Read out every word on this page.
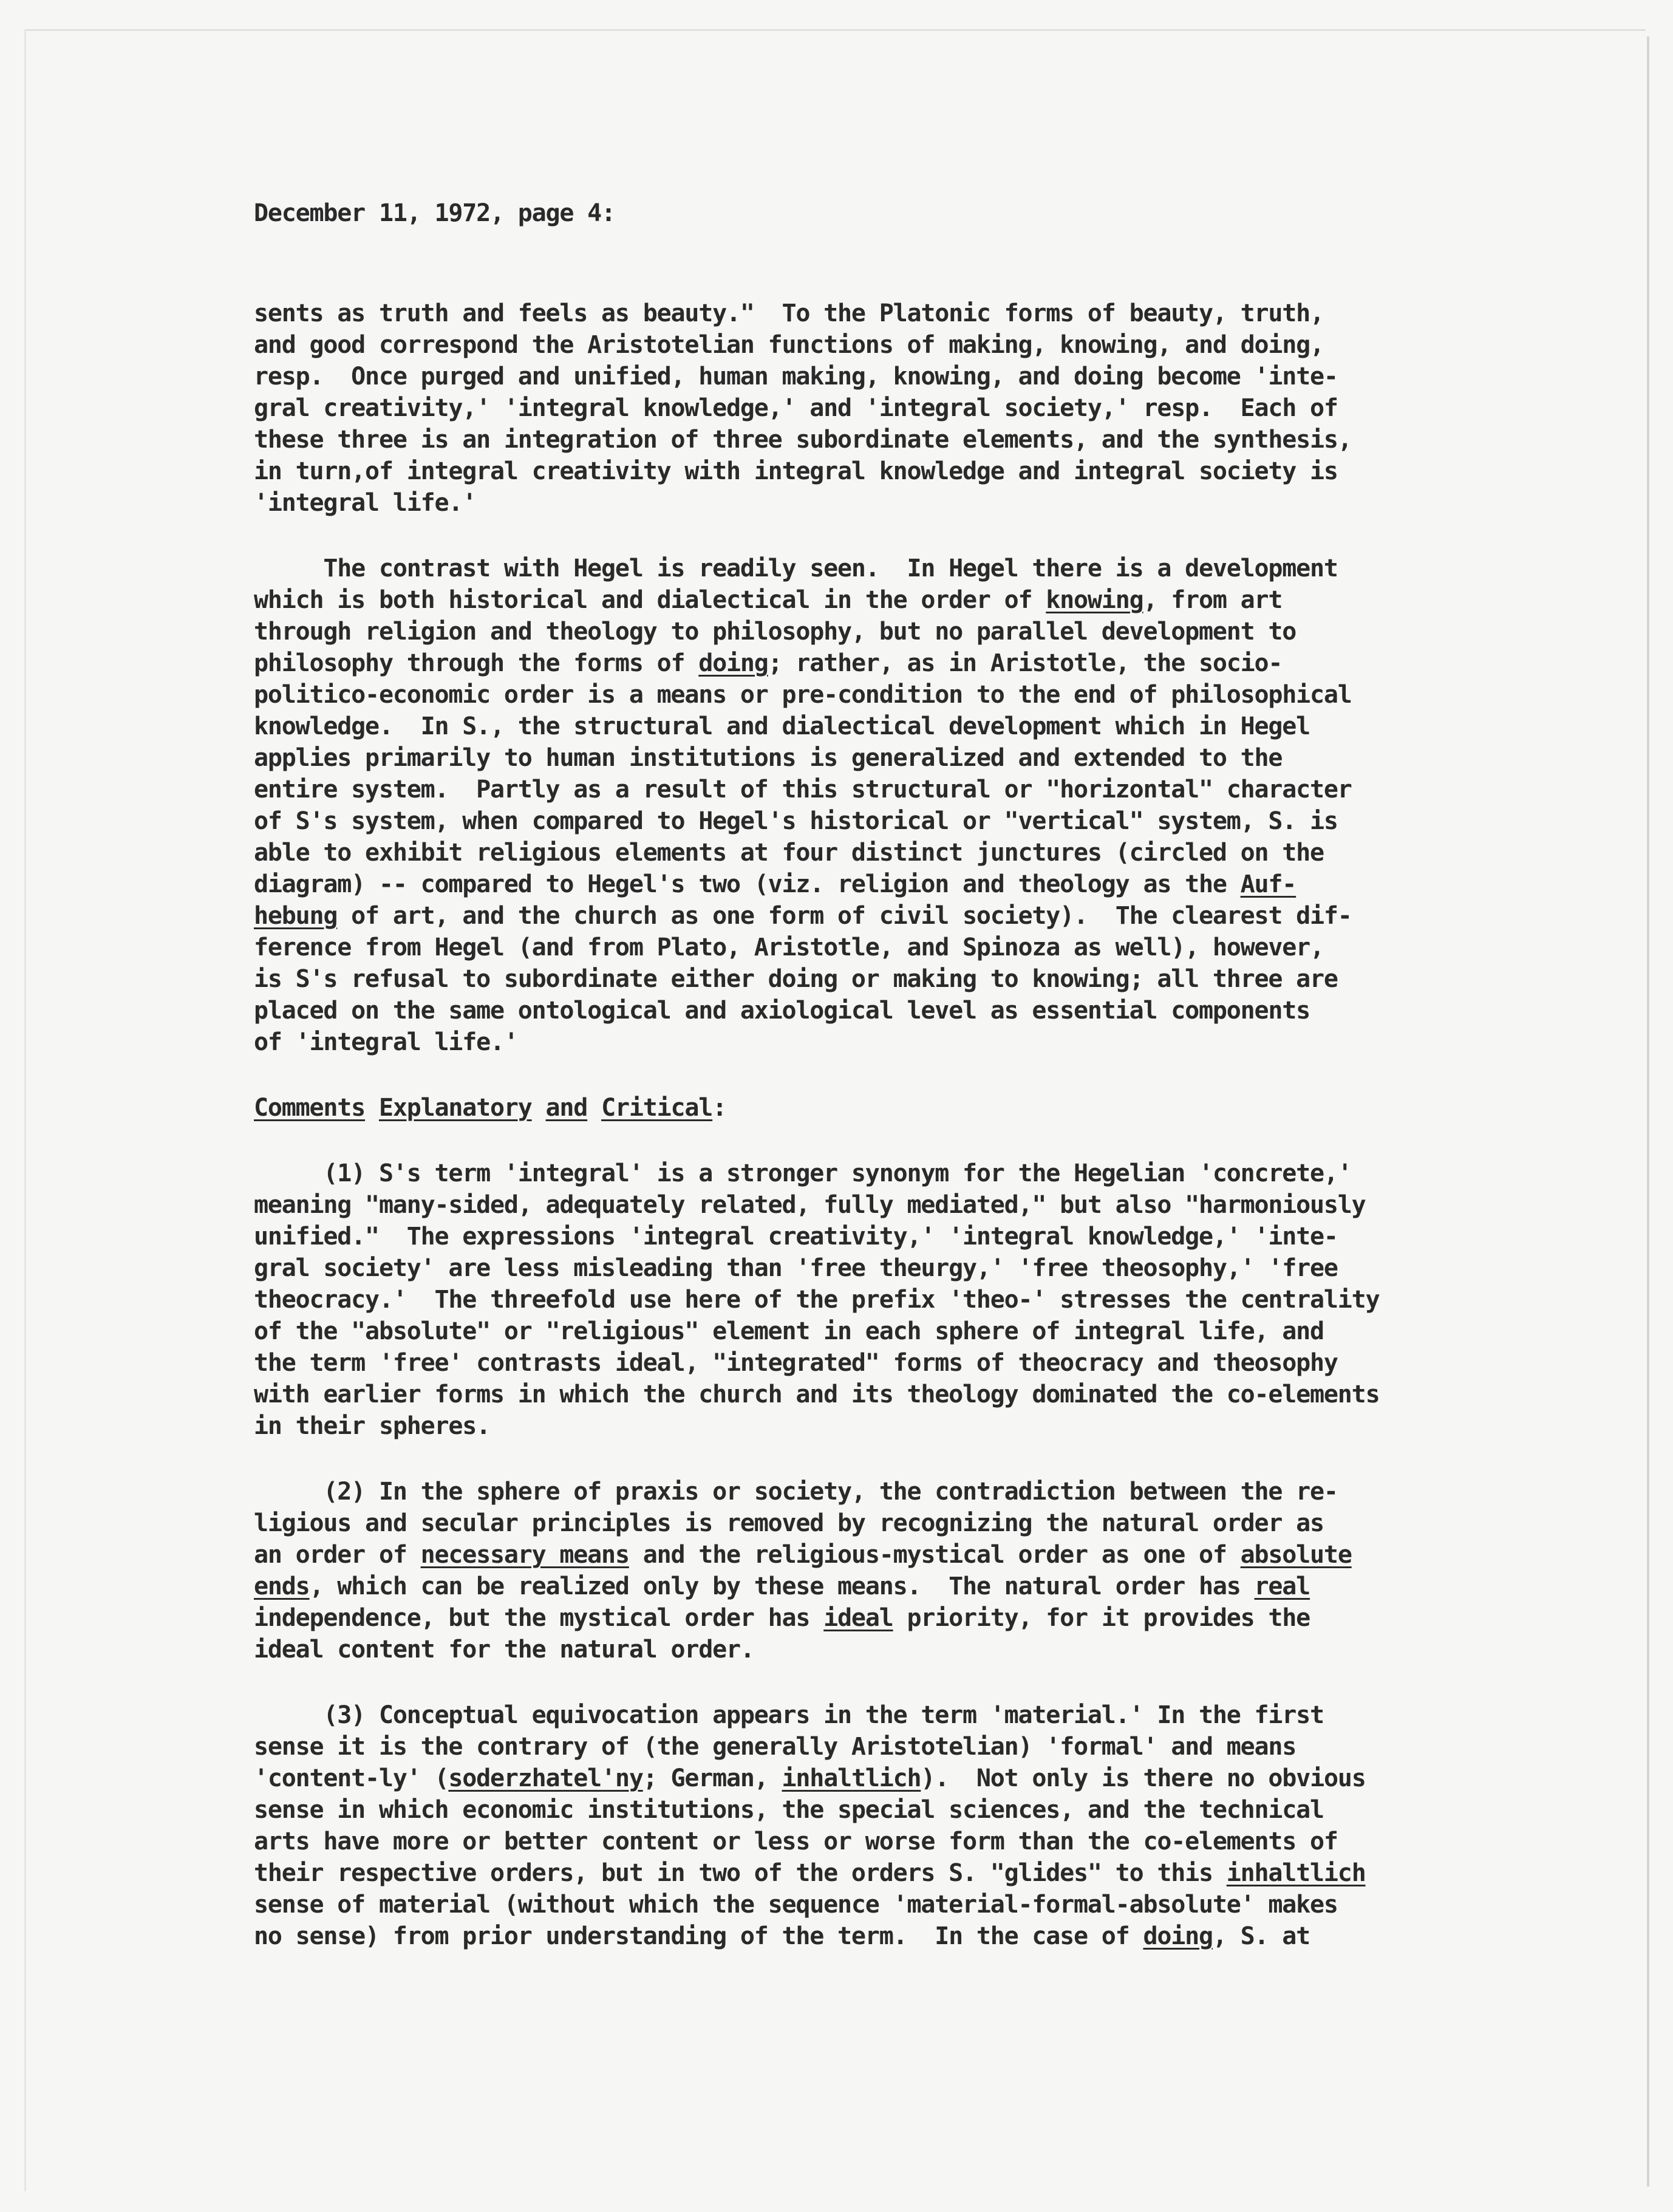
December 11, 1972, page 4:
sents as truth and feels as beauty."  To the Platonic forms of beauty, truth,
and good correspond the Aristotelian functions of making, knowing, and doing,
resp.  Once purged and unified, human making, knowing, and doing become 'inte-
gral creativity,' 'integral knowledge,' and 'integral society,' resp.  Each of
these three is an integration of three subordinate elements, and the synthesis,
in turn,of integral creativity with integral knowledge and integral society is
'integral life.'
The contrast with Hegel is readily seen.  In Hegel there is a development
which is both historical and dialectical in the order of knowing, from art
through religion and theology to philosophy, but no parallel development to
philosophy through the forms of doing; rather, as in Aristotle, the socio-
politico-economic order is a means or pre-condition to the end of philosophical
knowledge.  In S., the structural and dialectical development which in Hegel
applies primarily to human institutions is generalized and extended to the
entire system.  Partly as a result of this structural or "horizontal" character
of S's system, when compared to Hegel's historical or "vertical" system, S. is
able to exhibit religious elements at four distinct junctures (circled on the
diagram) -- compared to Hegel's two (viz. religion and theology as the Auf-
hebung of art, and the church as one form of civil society).  The clearest dif-
ference from Hegel (and from Plato, Aristotle, and Spinoza as well), however,
is S's refusal to subordinate either doing or making to knowing; all three are
placed on the same ontological and axiological level as essential components
of 'integral life.'
Comments Explanatory and Critical:
(1) S's term 'integral' is a stronger synonym for the Hegelian 'concrete,'
meaning "many-sided, adequately related, fully mediated," but also "harmoniously
unified."  The expressions 'integral creativity,' 'integral knowledge,' 'inte-
gral society' are less misleading than 'free theurgy,' 'free theosophy,' 'free
theocracy.'  The threefold use here of the prefix 'theo-' stresses the centrality
of the "absolute" or "religious" element in each sphere of integral life, and
the term 'free' contrasts ideal, "integrated" forms of theocracy and theosophy
with earlier forms in which the church and its theology dominated the co-elements
in their spheres.
(2) In the sphere of praxis or society, the contradiction between the re-
ligious and secular principles is removed by recognizing the natural order as
an order of necessary means and the religious-mystical order as one of absolute
ends, which can be realized only by these means.  The natural order has real
independence, but the mystical order has ideal priority, for it provides the
ideal content for the natural order.
(3) Conceptual equivocation appears in the term 'material.' In the first
sense it is the contrary of (the generally Aristotelian) 'formal' and means
'content-ly' (soderzhatel'ny; German, inhaltlich).  Not only is there no obvious
sense in which economic institutions, the special sciences, and the technical
arts have more or better content or less or worse form than the co-elements of
their respective orders, but in two of the orders S. "glides" to this inhaltlich
sense of material (without which the sequence 'material-formal-absolute' makes
no sense) from prior understanding of the term.  In the case of doing, S. at
